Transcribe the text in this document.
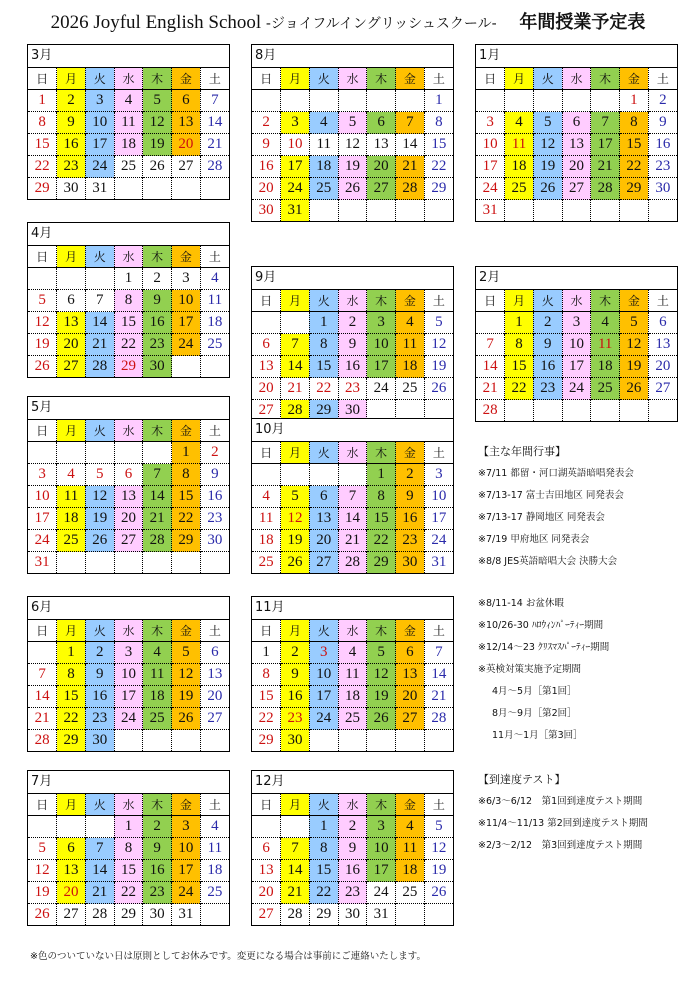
2026 Joyful English School -ジョイフルイングリッシュスクール- 年間授業予定表
3月
日	月	火	水	木	金	土
1	2	3	4	5	6	7
8	9	10	11	12	13	14
15	16	17	18	19	20	21
22	23	24	25	26	27	28
29	30	31				
4月
日	月	火	水	木	金	土
			1	2	3	4
5	6	7	8	9	10	11
12	13	14	15	16	17	18
19	20	21	22	23	24	25
26	27	28	29	30		
5月
日	月	火	水	木	金	土
					1	2
3	4	5	6	7	8	9
10	11	12	13	14	15	16
17	18	19	20	21	22	23
24	25	26	27	28	29	30
31						
6月
日	月	火	水	木	金	土
	1	2	3	4	5	6
7	8	9	10	11	12	13
14	15	16	17	18	19	20
21	22	23	24	25	26	27
28	29	30				
7月
日	月	火	水	木	金	土
			1	2	3	4
5	6	7	8	9	10	11
12	13	14	15	16	17	18
19	20	21	22	23	24	25
26	27	28	29	30	31	
8月
日	月	火	水	木	金	土
						1
2	3	4	5	6	7	8
9	10	11	12	13	14	15
16	17	18	19	20	21	22
20	24	25	26	27	28	29
30	31					
9月
日	月	火	水	木	金	土
		1	2	3	4	5
6	7	8	9	10	11	12
13	14	15	16	17	18	19
20	21	22	23	24	25	26
27	28	29	30			
10月
日	月	火	水	木	金	土
				1	2	3
4	5	6	7	8	9	10
11	12	13	14	15	16	17
18	19	20	21	22	23	24
25	26	27	28	29	30	31
11月
日	月	火	水	木	金	土
1	2	3	4	5	6	7
8	9	10	11	12	13	14
15	16	17	18	19	20	21
22	23	24	25	26	27	28
29	30					
12月
日	月	火	水	木	金	土
		1	2	3	4	5
6	7	8	9	10	11	12
13	14	15	16	17	18	19
20	21	22	23	24	25	26
27	28	29	30	31		
1月
日	月	火	水	木	金	土
					1	2
3	4	5	6	7	8	9
10	11	12	13	17	15	16
17	18	19	20	21	22	23
24	25	26	27	28	29	30
31						
2月
日	月	火	水	木	金	土
	1	2	3	4	5	6
7	8	9	10	11	12	13
14	15	16	17	18	19	20
21	22	23	24	25	26	27
28						
【主な年間行事】
※7/11 都留・河口湖英語暗唱発表会
※7/13-17 富士吉田地区 同発表会
※7/13-17 静岡地区 同発表会
※7/19 甲府地区 同発表会
※8/8 JES英語暗唱大会 決勝大会
※8/11-14 お盆休暇
※10/26-30 ﾊﾛｳｨﾝﾊﾟｰﾃｨｰ期間
※12/14～23 ｸﾘｽﾏｽﾊﾟｰﾃｨｰ期間
※英検対策実施予定期間
4月～5月［第1回］
8月～9月［第2回］
11月～1月［第3回］
【到達度テスト】
※6/3～6/12　第1回到達度テスト期間
※11/4～11/13 第2回到達度テスト期間
※2/3～2/12　第3回到達度テスト期間
※色のついていない日は原則としてお休みです。変更になる場合は事前にご連絡いたします。
